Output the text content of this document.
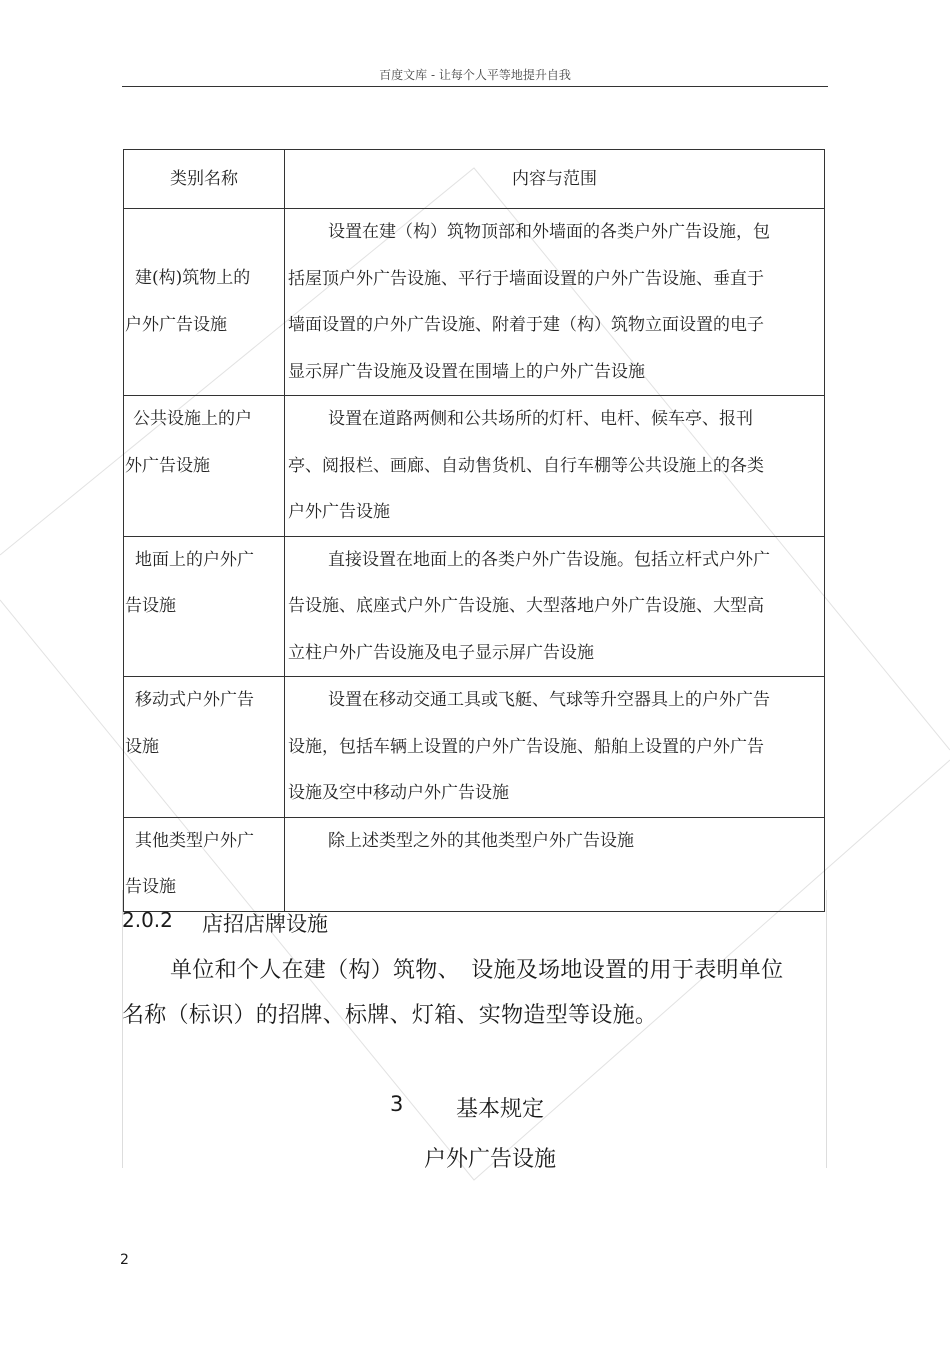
百度文库 - 让每个人平等地提升自我
类别名称	内容与范围

建(构)筑物上的户外广告设施	设置在建（构）筑物顶部和外墙面的各类户外广告设施，包括屋顶户外广告设施、平行于墙面设置的户外广告设施、垂直于墙面设置的户外广告设施、附着于建（构）筑物立面设置的电子显示屏广告设施及设置在围墙上的户外广告设施

公共设施上的户外广告设施	设置在道路两侧和公共场所的灯杆、电杆、候车亭、报刊亭、阅报栏、画廊、自动售货机、自行车棚等公共设施上的各类户外广告设施

地面上的户外广告设施	直接设置在地面上的各类户外广告设施。包括立杆式户外广告设施、底座式户外广告设施、大型落地户外广告设施、大型高立柱户外广告设施及电子显示屏广告设施

移动式户外广告设施	设置在移动交通工具或飞艇、气球等升空器具上的户外广告设施，包括车辆上设置的户外广告设施、船舶上设置的户外广告设施及空中移动户外广告设施

其他类型户外广告设施	除上述类型之外的其他类型户外广告设施
2.0.2 店招店牌设施
单位和个人在建（构）筑物、　设施及场地设置的用于表明单位名称（标识）的招牌、标牌、灯箱、实物造型等设施。
3 基本规定
户外广告设施
2
